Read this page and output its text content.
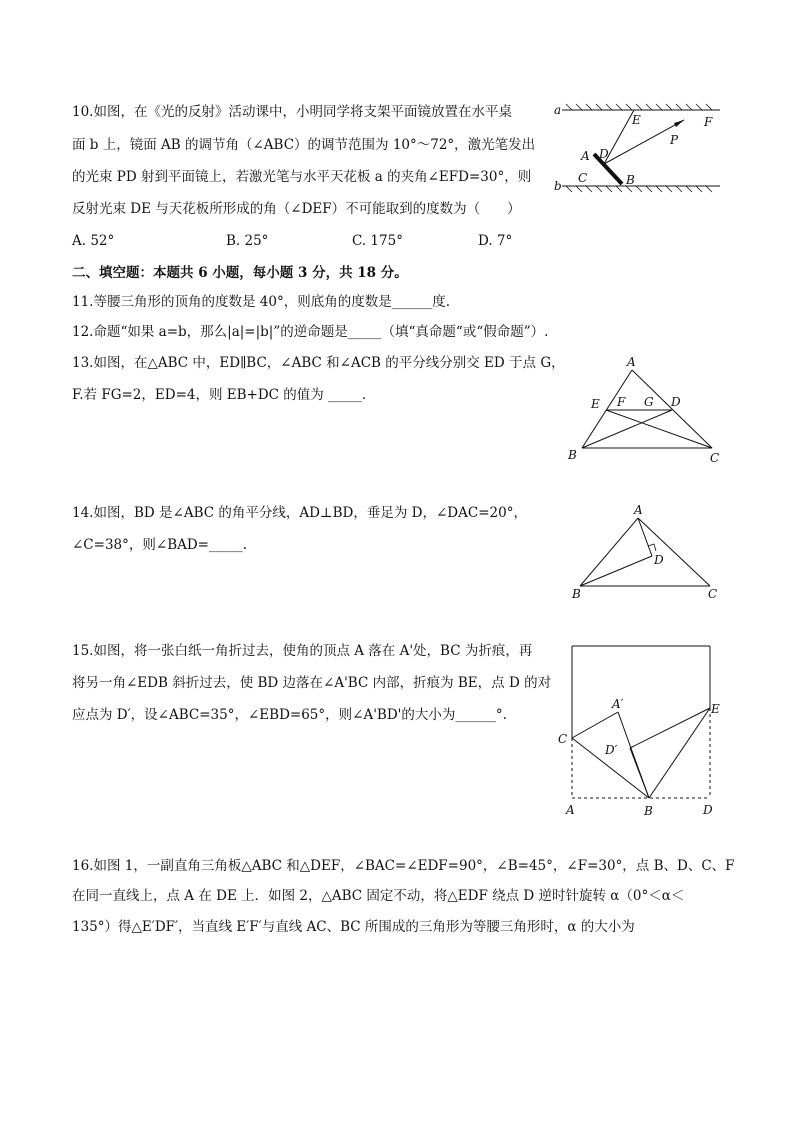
10.如图，在《光的反射》活动课中，小明同学将支架平面镜放置在水平桌
面 b 上，镜面 AB 的调节角（∠ABC）的调节范围为 10°～72°，激光笔发出
的光束 PD 射到平面镜上，若激光笔与水平天花板 a 的夹角∠EFD=30°，则
反射光束 DE 与天花板所形成的角（∠DEF）不可能取到的度数为（　　）
A. 52°	B. 25°	C. 175°	D. 7°
a
b
E	F
P
A D
C	B
二、填空题：本题共 6 小题，每小题 3 分，共 18 分。
11.等腰三角形的顶角的度数是 40°，则底角的度数是______度.
12.命题“如果 a=b，那么|a|=|b|”的逆命题是_____（填“真命题“或“假命题”）.
13.如图，在△ABC 中，ED∥BC，∠ABC 和∠ACB 的平分线分别交 ED 于点 G，
F.若 FG=2，ED=4，则 EB+DC 的值为 _____.
A
E F G D
B	C
14.如图，BD 是∠ABC 的角平分线，AD⊥BD，垂足为 D，∠DAC=20°，
∠C=38°，则∠BAD=_____.
A
D
B	C
15.如图，将一张白纸一角折过去，使角的顶点 A 落在 A'处，BC 为折痕，再
将另一角∠EDB 斜折过去，使 BD 边落在∠A'BC 内部，折痕为 BE，点 D 的对
应点为 D′，设∠ABC=35°，∠EBD=65°，则∠A'BD'的大小为______°.
A′	E
C
D′
A	B	D
16.如图 1，一副直角三角板△ABC 和△DEF，∠BAC=∠EDF=90°，∠B=45°，∠F=30°，点 B、D、C、F
在同一直线上，点 A 在 DE 上．如图 2，△ABC 固定不动，将△EDF 绕点 D 逆时针旋转 α（0°＜α＜
135°）得△E′DF′，当直线 E′F′与直线 AC、BC 所围成的三角形为等腰三角形时，α 的大小为
